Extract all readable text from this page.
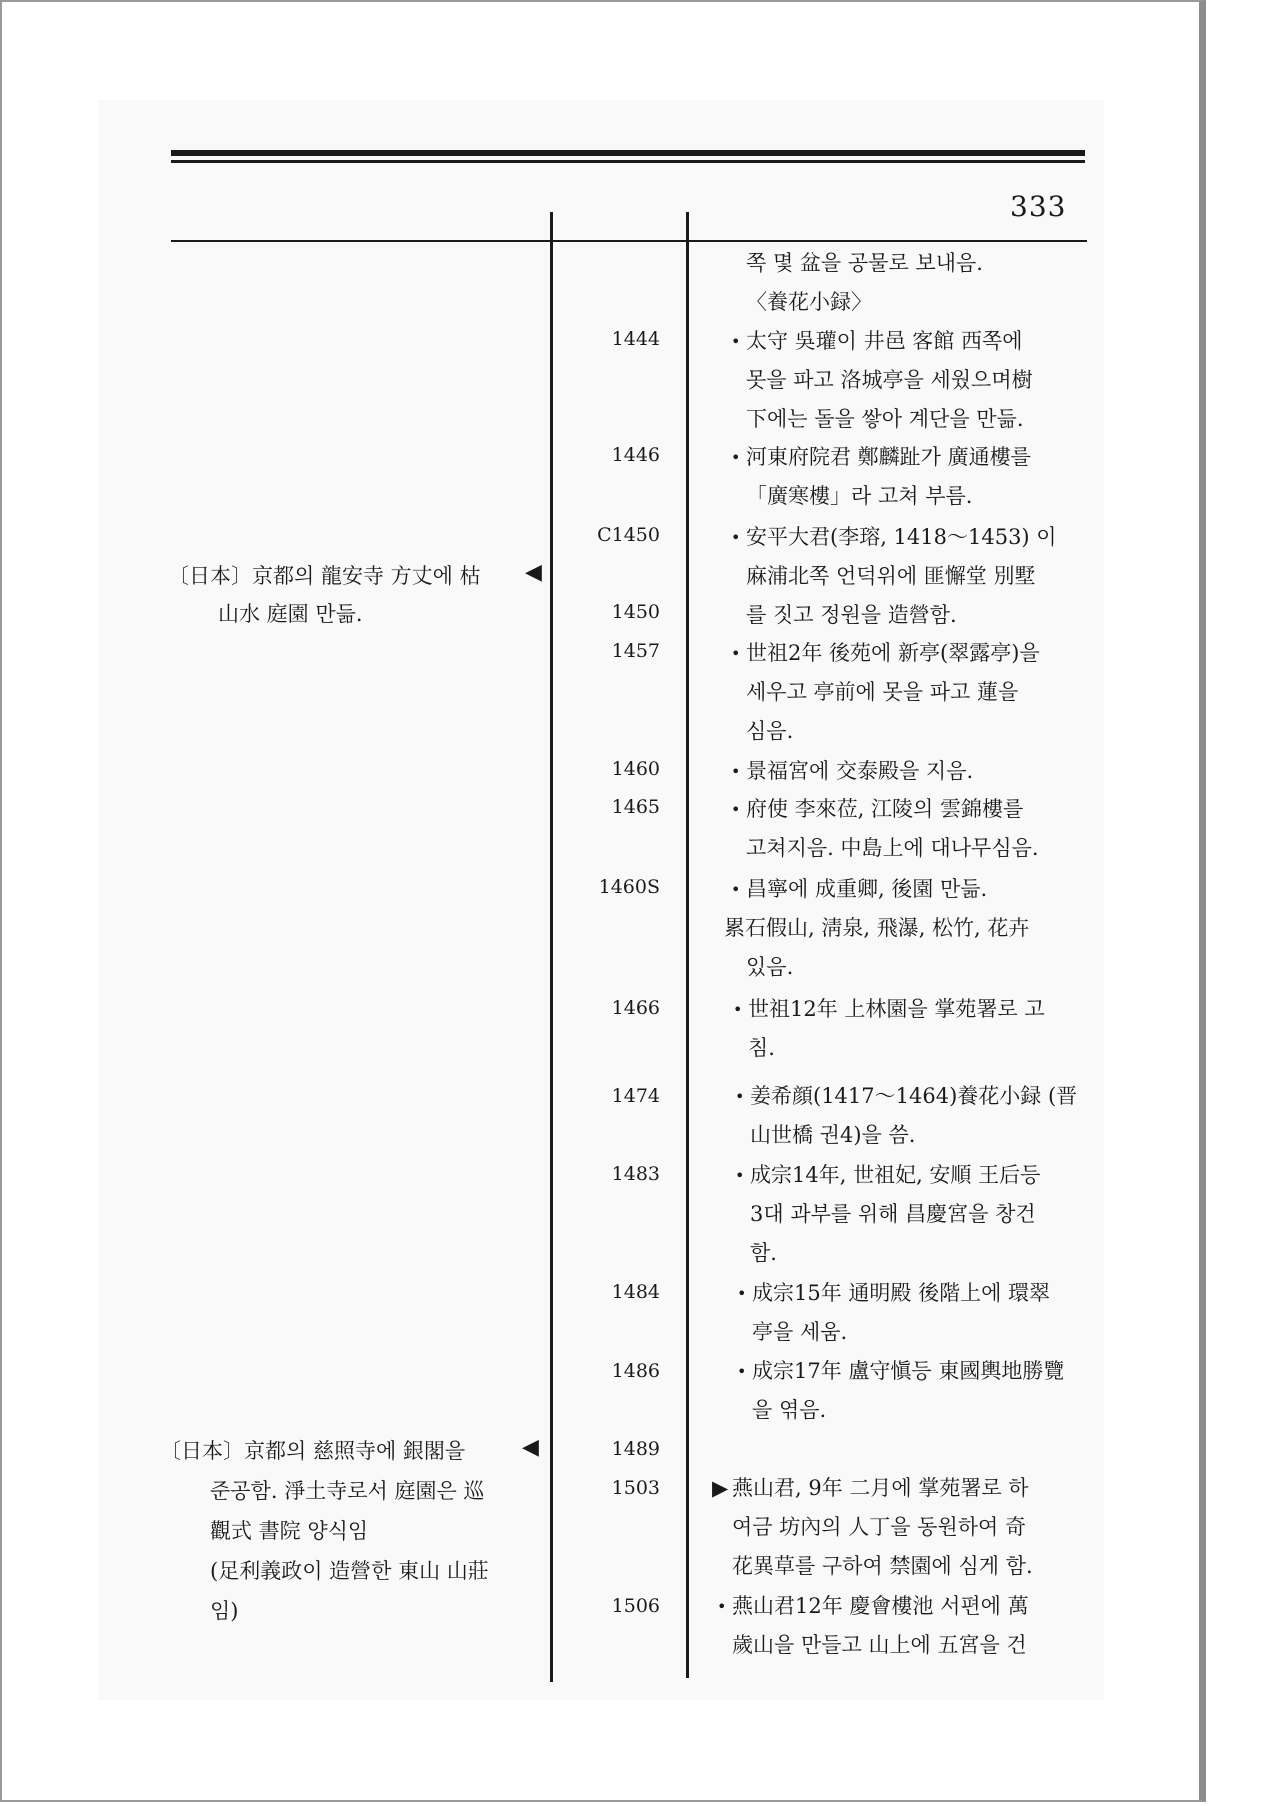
333
〔日本〕京都의 龍安寺 方丈에 枯
山水 庭園 만듦.
◀
〔日本〕京都의 慈照寺에 銀閣을
준공함. 淨土寺로서 庭園은 巡
觀式 書院 양식임
(足利義政이 造營한 東山 山莊
임)
◀
1444
1446
C1450
1450
1457
1460
1465
1460S
1466
1474
1483
1484
1486
1489
1503
1506
쪽 몇 盆을 공물로 보내음.
〈養花小録〉
• 太守 吳瓘이 井邑 客館 西쪽에
못을 파고 洛城亭을 세웠으며樹
下에는 돌을 쌓아 계단을 만듦.
• 河東府院君 鄭麟趾가 廣通樓를
「廣寒樓」라 고쳐 부름.
• 安平大君(李瑢, 1418～1453) 이
麻浦北쪽 언덕위에 匪懈堂 別墅
를 짓고 정원을 造營함.
• 世祖2年 後苑에 新亭(翠露亭)을
세우고 亭前에 못을 파고 蓮을
심음.
• 景福宮에 交泰殿을 지음.
• 府使 李來莅, 江陵의 雲錦樓를
고쳐지음. 中島上에 대나무심음.
• 昌寧에 成重卿, 後園 만듦.
累石假山, 淸泉, 飛瀑, 松竹, 花卉
있음.
• 世祖12年 上林園을 掌苑署로 고
침.
• 姜希顔(1417～1464)養花小録 (晋
山世橋 권4)을 씀.
• 成宗14年, 世祖妃, 安順 王后등
3대 과부를 위해 昌慶宮을 창건
함.
• 成宗15年 通明殿 後階上에 環翠
亭을 세움.
• 成宗17年 盧守愼등 東國輿地勝覽
을 엮음.
▶ 燕山君, 9年 二月에 掌苑署로 하
여금 坊內의 人丁을 동원하여 奇
花異草를 구하여 禁園에 심게 함.
• 燕山君12年 慶會樓池 서편에 萬
歲山을 만들고 山上에 五宮을 건
